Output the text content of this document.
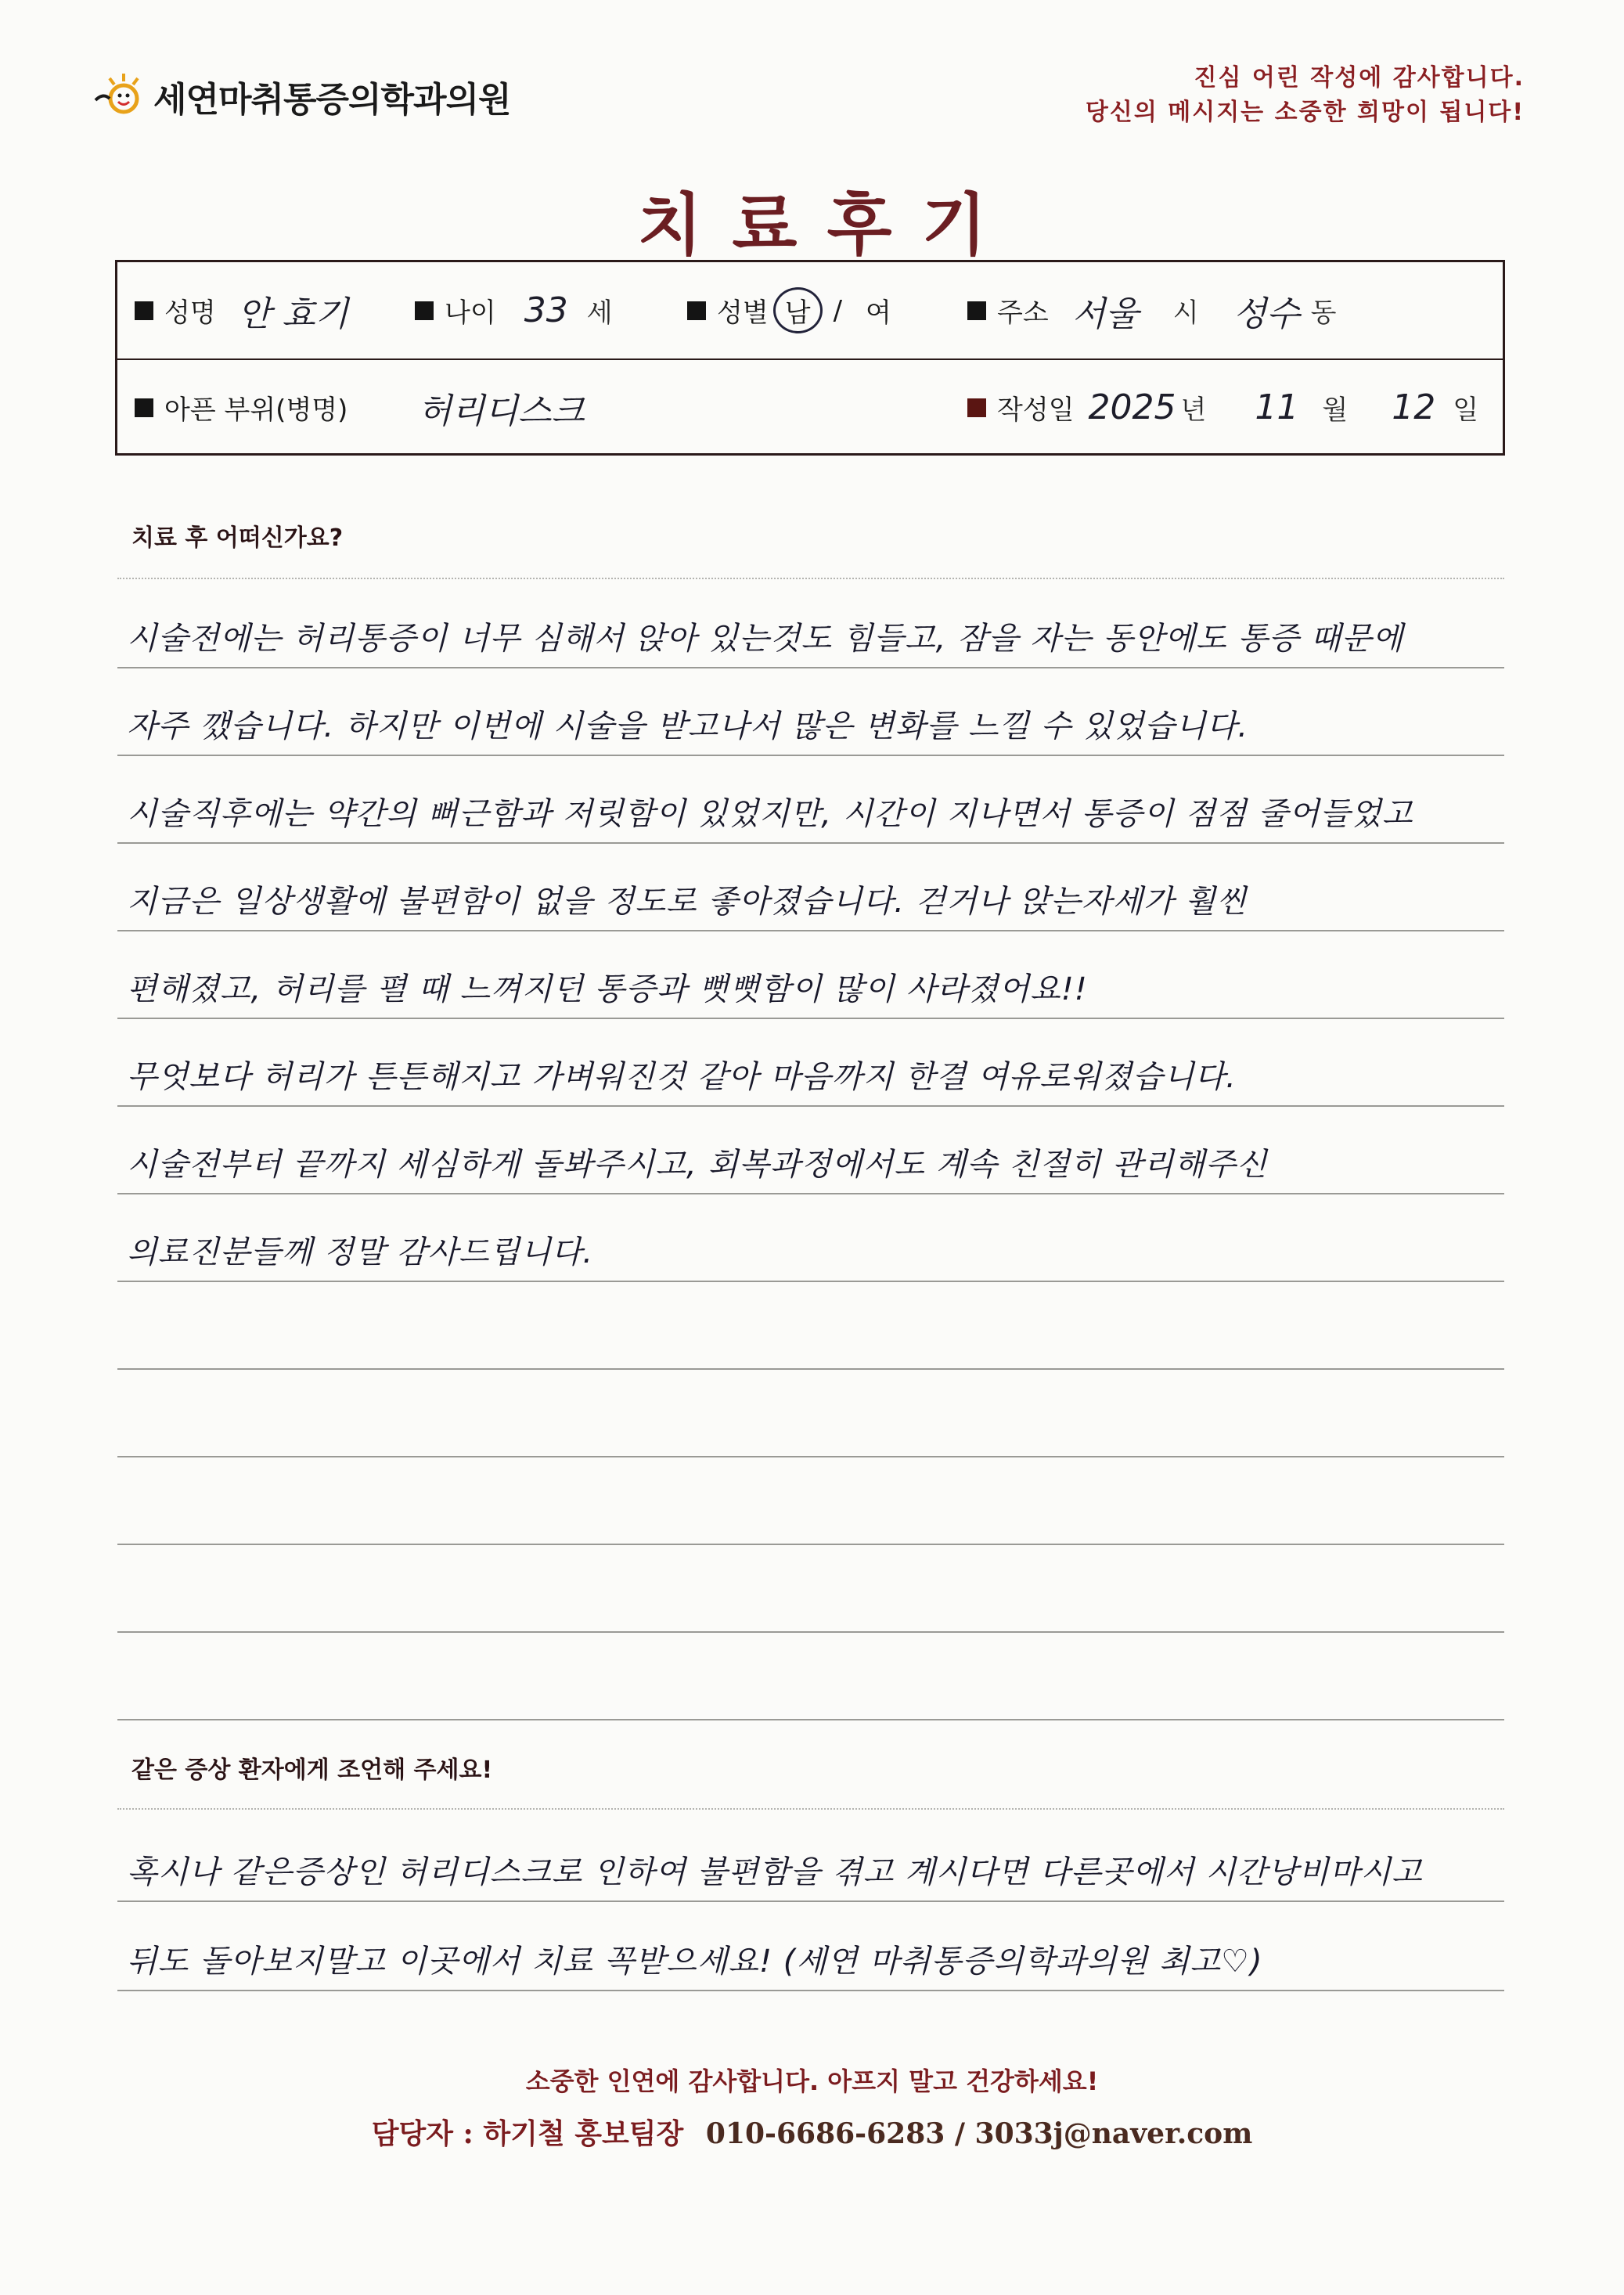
세연마취통증의학과의원
진심 어린 작성에 감사합니다.
당신의 메시지는 소중한 희망이 됩니다!
치료후기
성명 안 효기	나이 33 세	성별 남 / 여	주소 서울 시 성수 동
아픈 부위(병명) 허리디스크	작성일 2025 년 11 월 12 일
치료 후 어떠신가요?
시술전에는 허리통증이 너무 심해서 앉아 있는것도 힘들고, 잠을 자는 동안에도 통증 때문에
자주 깼습니다. 하지만 이번에 시술을 받고나서 많은 변화를 느낄 수 있었습니다.
시술직후에는 약간의 뻐근함과 저릿함이 있었지만, 시간이 지나면서 통증이 점점 줄어들었고
지금은 일상생활에 불편함이 없을 정도로 좋아졌습니다. 걷거나 앉는자세가 훨씬
편해졌고, 허리를 펼 때 느껴지던 통증과 뻣뻣함이 많이 사라졌어요!!
무엇보다 허리가 튼튼해지고 가벼워진것 같아 마음까지 한결 여유로워졌습니다.
시술전부터 끝까지 세심하게 돌봐주시고, 회복과정에서도 계속 친절히 관리해주신
의료진분들께 정말 감사드립니다.
같은 증상 환자에게 조언해 주세요!
혹시나 같은증상인 허리디스크로 인하여 불편함을 겪고 계시다면 다른곳에서 시간낭비마시고
뒤도 돌아보지말고 이곳에서 치료 꼭받으세요! (세연 마취통증의학과의원 최고♡)
소중한 인연에 감사합니다. 아프지 말고 건강하세요!
담당자 : 하기철 홍보팀장 010-6686-6283 / 3033j@naver.com
